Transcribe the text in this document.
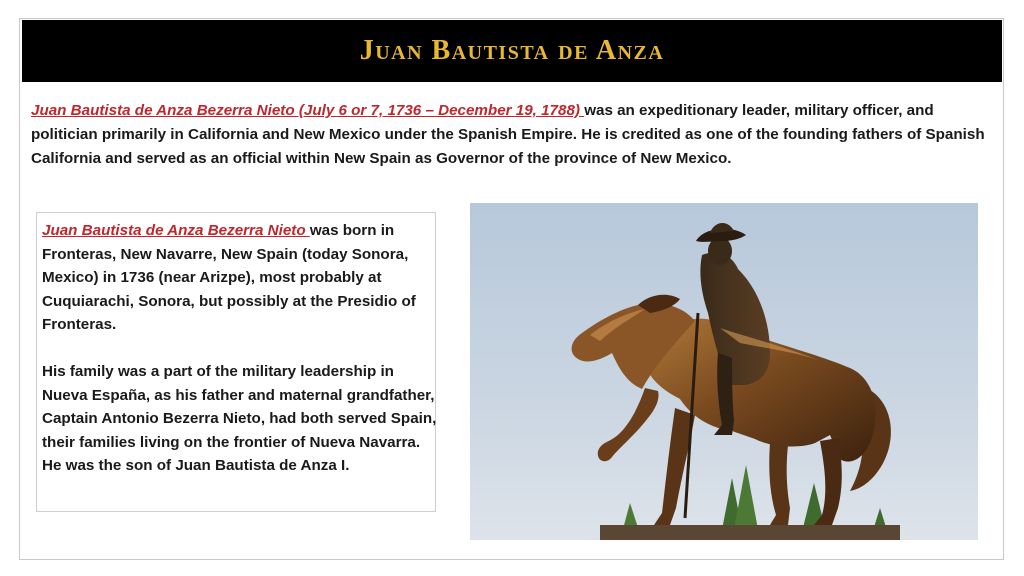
Juan Bautista de Anza
Juan Bautista de Anza Bezerra Nieto (July 6 or 7, 1736 – December 19, 1788) was an expeditionary leader, military officer, and politician primarily in California and New Mexico under the Spanish Empire. He is credited as one of the founding fathers of Spanish California and served as an official within New Spain as Governor of the province of New Mexico.

Juan Bautista de Anza Bezerra Nieto was born in Fronteras, New Navarre, New Spain (today Sonora, Mexico) in 1736 (near Arizpe), most probably at Cuquiarachi, Sonora, but possibly at the Presidio of Fronteras.

His family was a part of the military leadership in Nueva España, as his father and maternal grandfather, Captain Antonio Bezerra Nieto, had both served Spain, their families living on the frontier of Nueva Navarra. He was the son of Juan Bautista de Anza I.
